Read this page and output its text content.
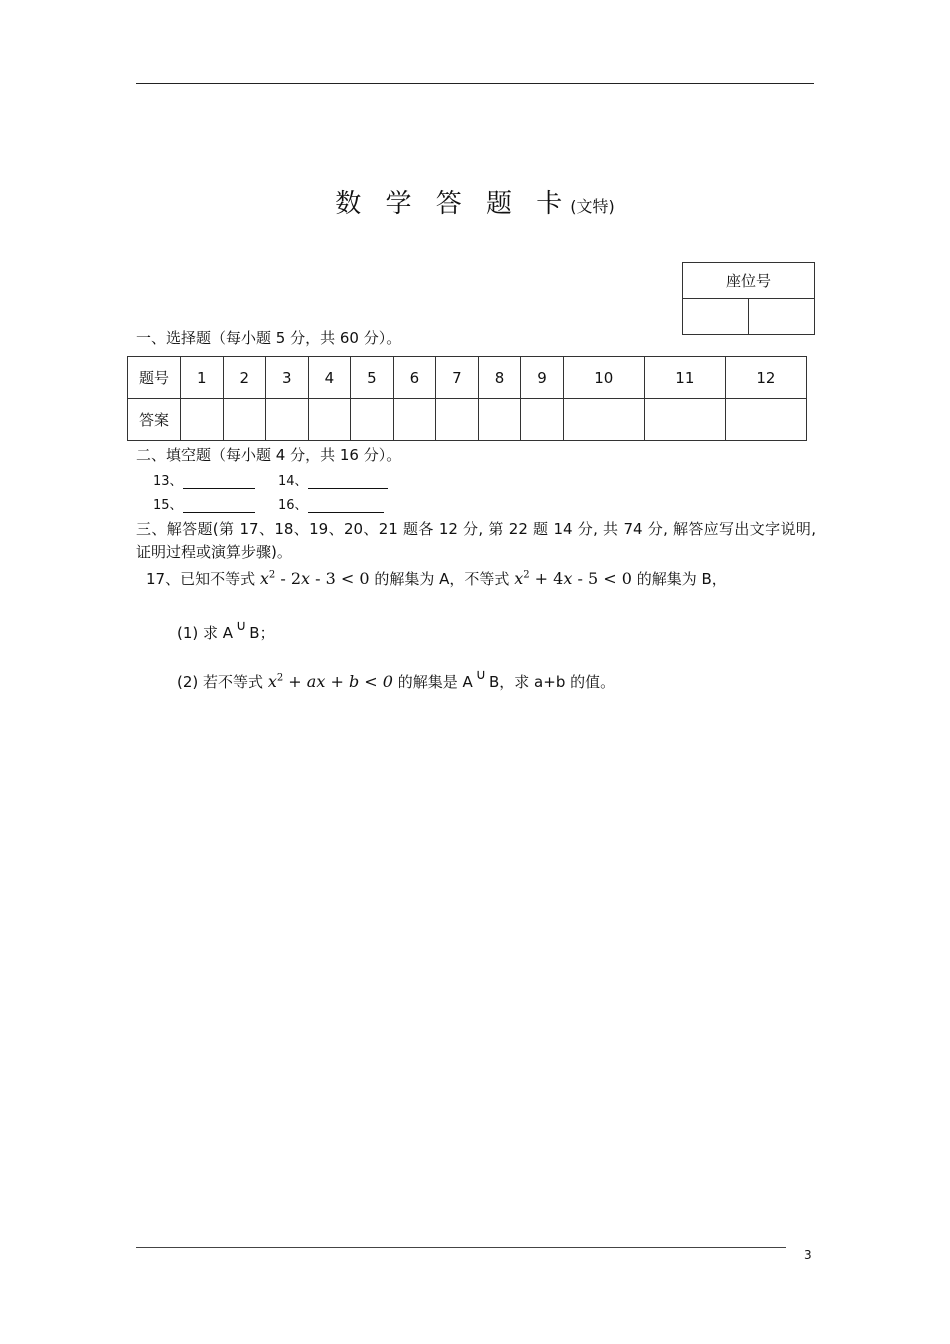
数 学 答 题 卡(文特)
座位号

一、选择题（每小题 5 分，共 60 分）。
题号	1	2	3	4	5	6	7	8	9	10	11	12
答案												
二、填空题（每小题 4 分，共 16 分）。
13、	14、
15、	16、
三、解答题(第 17、18、19、20、21 题各 12 分, 第 22 题 14 分, 共 74 分, 解答应写出文字说明, 证明过程或演算步骤)。
17、已知不等式 $x^2 - 2x - 3 < 0$ 的解集为 A，不等式 $x^2 + 4x - 5 < 0$ 的解集为 B，
(1) 求 A ∪ B；
(2) 若不等式 $x^2$ + ax + b < 0 的解集是 A ∪ B，求 a+b 的值。
3
